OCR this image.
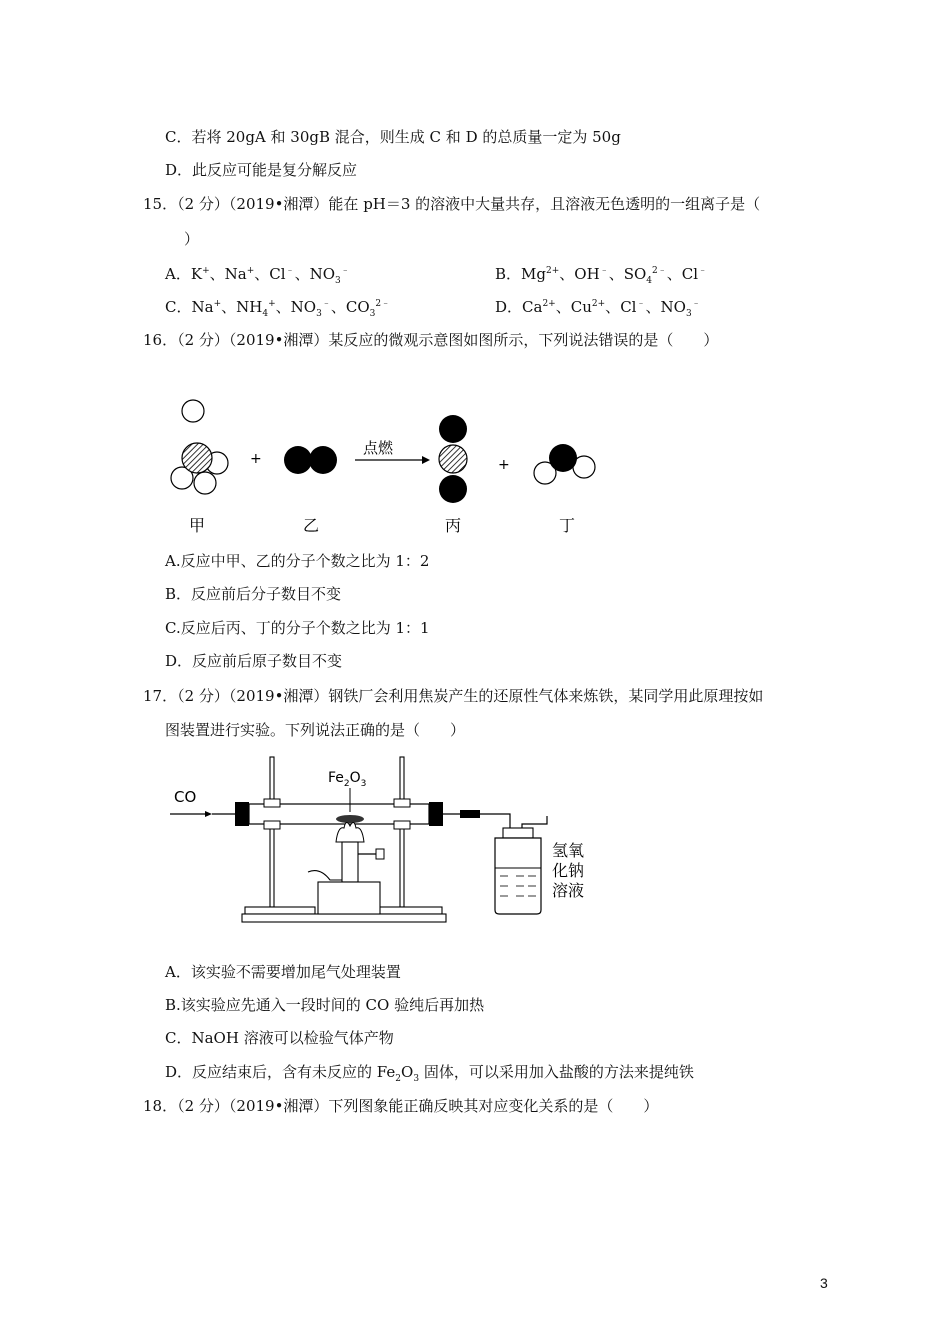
C．若将 20gA 和 30gB 混合，则生成 C 和 D 的总质量一定为 50g
D．此反应可能是复分解反应
15．（2 分）（2019•湘潭）能在 pH＝3 的溶液中大量共存，且溶液无色透明的一组离子是（
）
A．K+、Na+、Cl﹣、$NO_3^﹣$	B．$Mg^{2+}$、OH﹣、$SO_4^{2﹣}$、Cl﹣
C．Na+、$NH_4^+$、$NO_3^﹣$、$CO_3^{2﹣}$	D．$Ca^{2+}$、$Cu^{2+}$、Cl﹣、$NO_3^﹣$
16．（2 分）（2019•湘潭）某反应的微观示意图如图所示，下列说法错误的是（　　）
+
点燃
+
甲	乙	丙	丁
A.反应中甲、乙的分子个数之比为 1：2
B．反应前后分子数目不变
C.反应后丙、丁的分子个数之比为 1：1
D．反应前后原子数目不变
17．（2 分）（2019•湘潭）钢铁厂会利用焦炭产生的还原性气体来炼铁，某同学用此原理按如
图装置进行实验。下列说法正确的是（　　）
CO
$Fe_2O_3$
氢氧
化钠
溶液
A．该实验不需要增加尾气处理装置
B.该实验应先通入一段时间的 CO 验纯后再加热
C．NaOH 溶液可以检验气体产物
D．反应结束后，含有未反应的 $Fe_2O_3$ 固体，可以采用加入盐酸的方法来提纯铁
18．（2 分）（2019•湘潭）下列图象能正确反映其对应变化关系的是（　　）
3
